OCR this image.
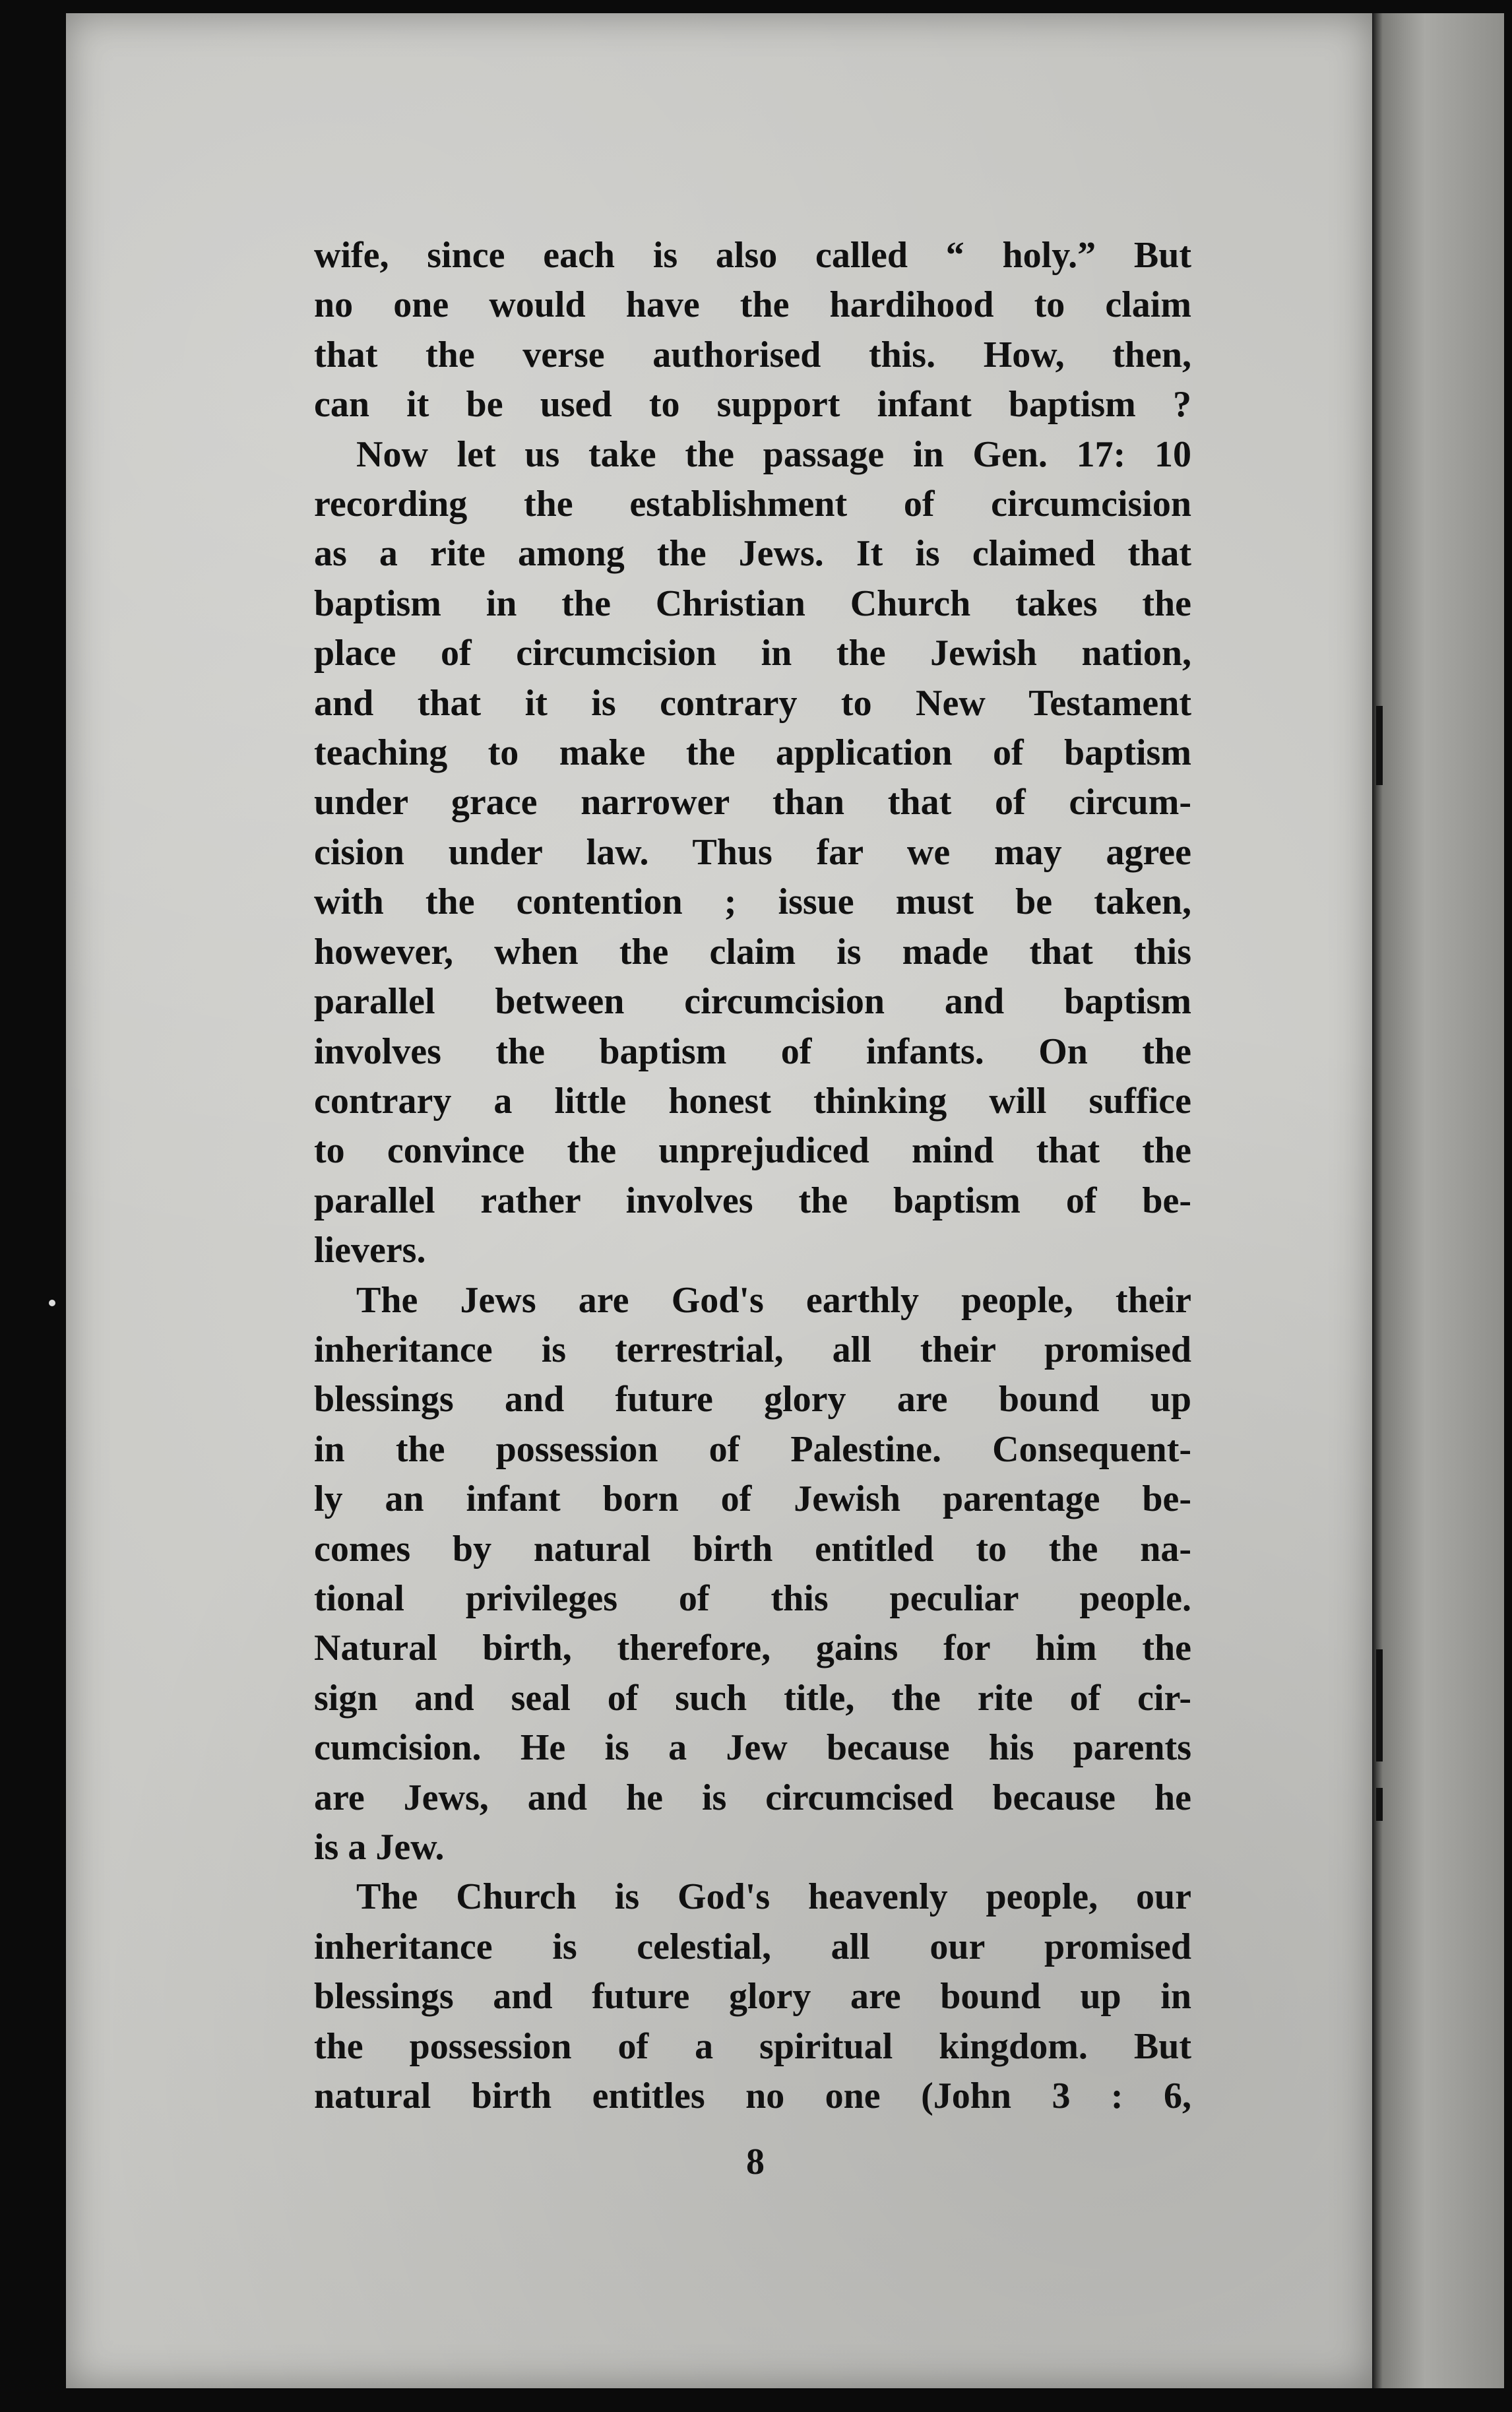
wife, since each is also called “ holy.” But
no one would have the hardihood to claim
that the verse authorised this. How, then,
can it be used to support infant baptism ?
Now let us take the passage in Gen. 17: 10
recording the establishment of circumcision
as a rite among the Jews. It is claimed that
baptism in the Christian Church takes the
place of circumcision in the Jewish nation,
and that it is contrary to New Testament
teaching to make the application of baptism
under grace narrower than that of circum-
cision under law. Thus far we may agree
with the contention ; issue must be taken,
however, when the claim is made that this
parallel between circumcision and baptism
involves the baptism of infants. On the
contrary a little honest thinking will suffice
to convince the unprejudiced mind that the
parallel rather involves the baptism of be-
lievers.
The Jews are God's earthly people, their
inheritance is terrestrial, all their promised
blessings and future glory are bound up
in the possession of Palestine. Consequent-
ly an infant born of Jewish parentage be-
comes by natural birth entitled to the na-
tional privileges of this peculiar people.
Natural birth, therefore, gains for him the
sign and seal of such title, the rite of cir-
cumcision. He is a Jew because his parents
are Jews, and he is circumcised because he
is a Jew.
The Church is God's heavenly people, our
inheritance is celestial, all our promised
blessings and future glory are bound up in
the possession of a spiritual kingdom. But
natural birth entitles no one (John 3 : 6,
8
